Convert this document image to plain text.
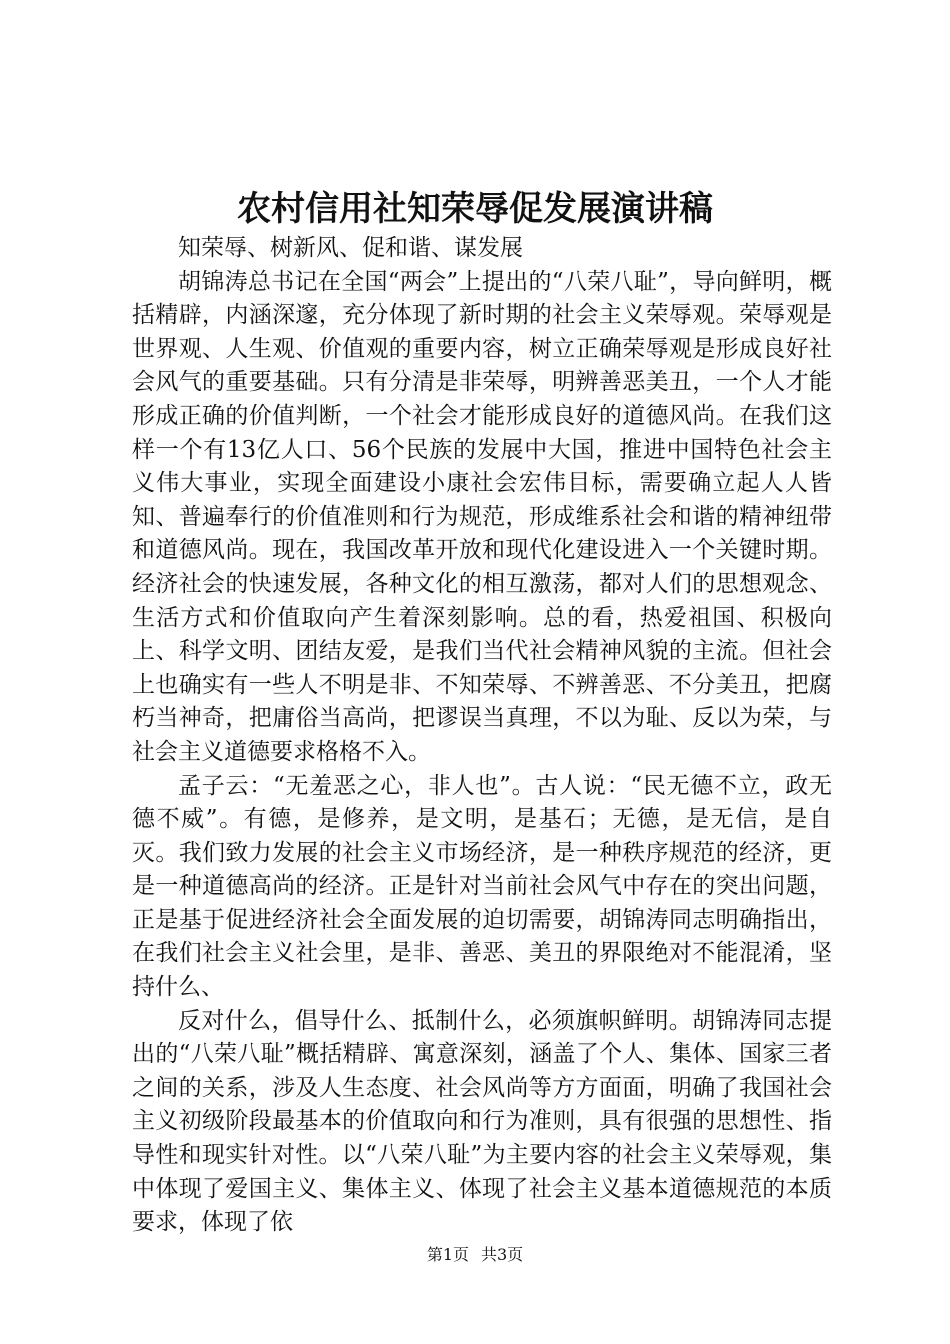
农村信用社知荣辱促发展演讲稿

知荣辱、树新风、促和谐、谋发展

胡锦涛总书记在全国“两会”上提出的“八荣八耻”，导向鲜明，概括精辟，内涵深邃，充分体现了新时期的社会主义荣辱观。荣辱观是世界观、人生观、价值观的重要内容，树立正确荣辱观是形成良好社会风气的重要基础。只有分清是非荣辱，明辨善恶美丑，一个人才能形成正确的价值判断，一个社会才能形成良好的道德风尚。在我们这样一个有13亿人口、56个民族的发展中大国，推进中国特色社会主义伟大事业，实现全面建设小康社会宏伟目标，需要确立起人人皆知、普遍奉行的价值准则和行为规范，形成维系社会和谐的精神纽带和道德风尚。现在，我国改革开放和现代化建设进入一个关键时期。经济社会的快速发展，各种文化的相互激荡，都对人们的思想观念、生活方式和价值取向产生着深刻影响。总的看，热爱祖国、积极向上、科学文明、团结友爱，是我们当代社会精神风貌的主流。但社会上也确实有一些人不明是非、不知荣辱、不辨善恶、不分美丑，把腐朽当神奇，把庸俗当高尚，把谬误当真理，不以为耻、反以为荣，与社会主义道德要求格格不入。

孟子云：“无羞恶之心，非人也”。古人说：“民无德不立，政无德不威”。有德，是修养，是文明，是基石；无德，是无信，是自灭。我们致力发展的社会主义市场经济，是一种秩序规范的经济，更是一种道德高尚的经济。正是针对当前社会风气中存在的突出问题，正是基于促进经济社会全面发展的迫切需要，胡锦涛同志明确指出，在我们社会主义社会里，是非、善恶、美丑的界限绝对不能混淆，坚持什么、

反对什么，倡导什么、抵制什么，必须旗帜鲜明。胡锦涛同志提出的“八荣八耻”概括精辟、寓意深刻，涵盖了个人、集体、国家三者之间的关系，涉及人生态度、社会风尚等方方面面，明确了我国社会主义初级阶段最基本的价值取向和行为准则，具有很强的思想性、指导性和现实针对性。以“八荣八耻”为主要内容的社会主义荣辱观，集中体现了爱国主义、集体主义、体现了社会主义基本道德规范的本质要求，体现了依

第1页 共3页
